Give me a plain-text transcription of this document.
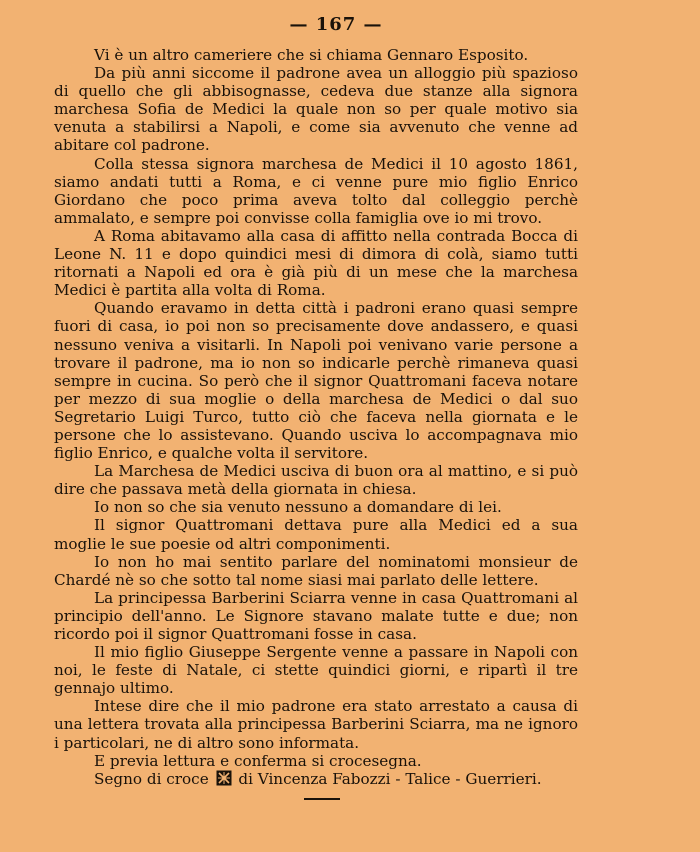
— 167 —

Vi è un altro cameriere che si chiama Gennaro Esposito.

Da più anni siccome il padrone avea un alloggio più spazioso di quello che gli abbisognasse, cedeva due stanze alla signora marchesa Sofia de Medici la quale non so per quale motivo sia venuta a stabilirsi a Napoli, e come sia avvenuto che venne ad abitare col padrone.

Colla stessa signora marchesa de Medici il 10 agosto 1861, siamo andati tutti a Roma, e ci venne pure mio figlio Enrico Giordano che poco prima aveva tolto dal colleggio perchè ammalato, e sempre poi convisse colla famiglia ove io mi trovo.

A Roma abitavamo alla casa di affitto nella contrada Bocca di Leone N. 11 e dopo quindici mesi di dimora di colà, siamo tutti ritornati a Napoli ed ora è già più di un mese che la marchesa Medici è partita alla volta di Roma.

Quando eravamo in detta città i padroni erano quasi sempre fuori di casa, io poi non so precisamente dove andassero, e quasi nessuno veniva a visitarli. In Napoli poi venivano varie persone a trovare il padrone, ma io non so indicarle perchè rimaneva quasi sempre in cucina. So però che il signor Quattromani faceva notare per mezzo di sua moglie o della marchesa de Medici o dal suo Segretario Luigi Turco, tutto ciò che faceva nella giornata e le persone che lo assistevano. Quando usciva lo accompagnava mio figlio Enrico, e qualche volta il servitore.

La Marchesa de Medici usciva di buon ora al mattino, e si può dire che passava metà della giornata in chiesa.

Io non so che sia venuto nessuno a domandare di lei.

Il signor Quattromani dettava pure alla Medici ed a sua moglie le sue poesie od altri componimenti.

Io non ho mai sentito parlare del nominatomi monsieur de Chardé nè so che sotto tal nome siasi mai parlato delle lettere.

La principessa Barberini Sciarra venne in casa Quattromani al principio dell'anno. Le Signore stavano malate tutte e due; non ricordo poi il signor Quattromani fosse in casa.

Il mio figlio Giuseppe Sergente venne a passare in Napoli con noi, le feste di Natale, ci stette quindici giorni, e ripartì il tre gennajo ultimo.

Intese dire che il mio padrone era stato arrestato a causa di una lettera trovata alla principessa Barberini Sciarra, ma ne ignoro i particolari, ne di altro sono informata.

E previa lettura e conferma si crocesegna.

Segno di croce di Vincenza Fabozzi - Talice - Guerrieri.
